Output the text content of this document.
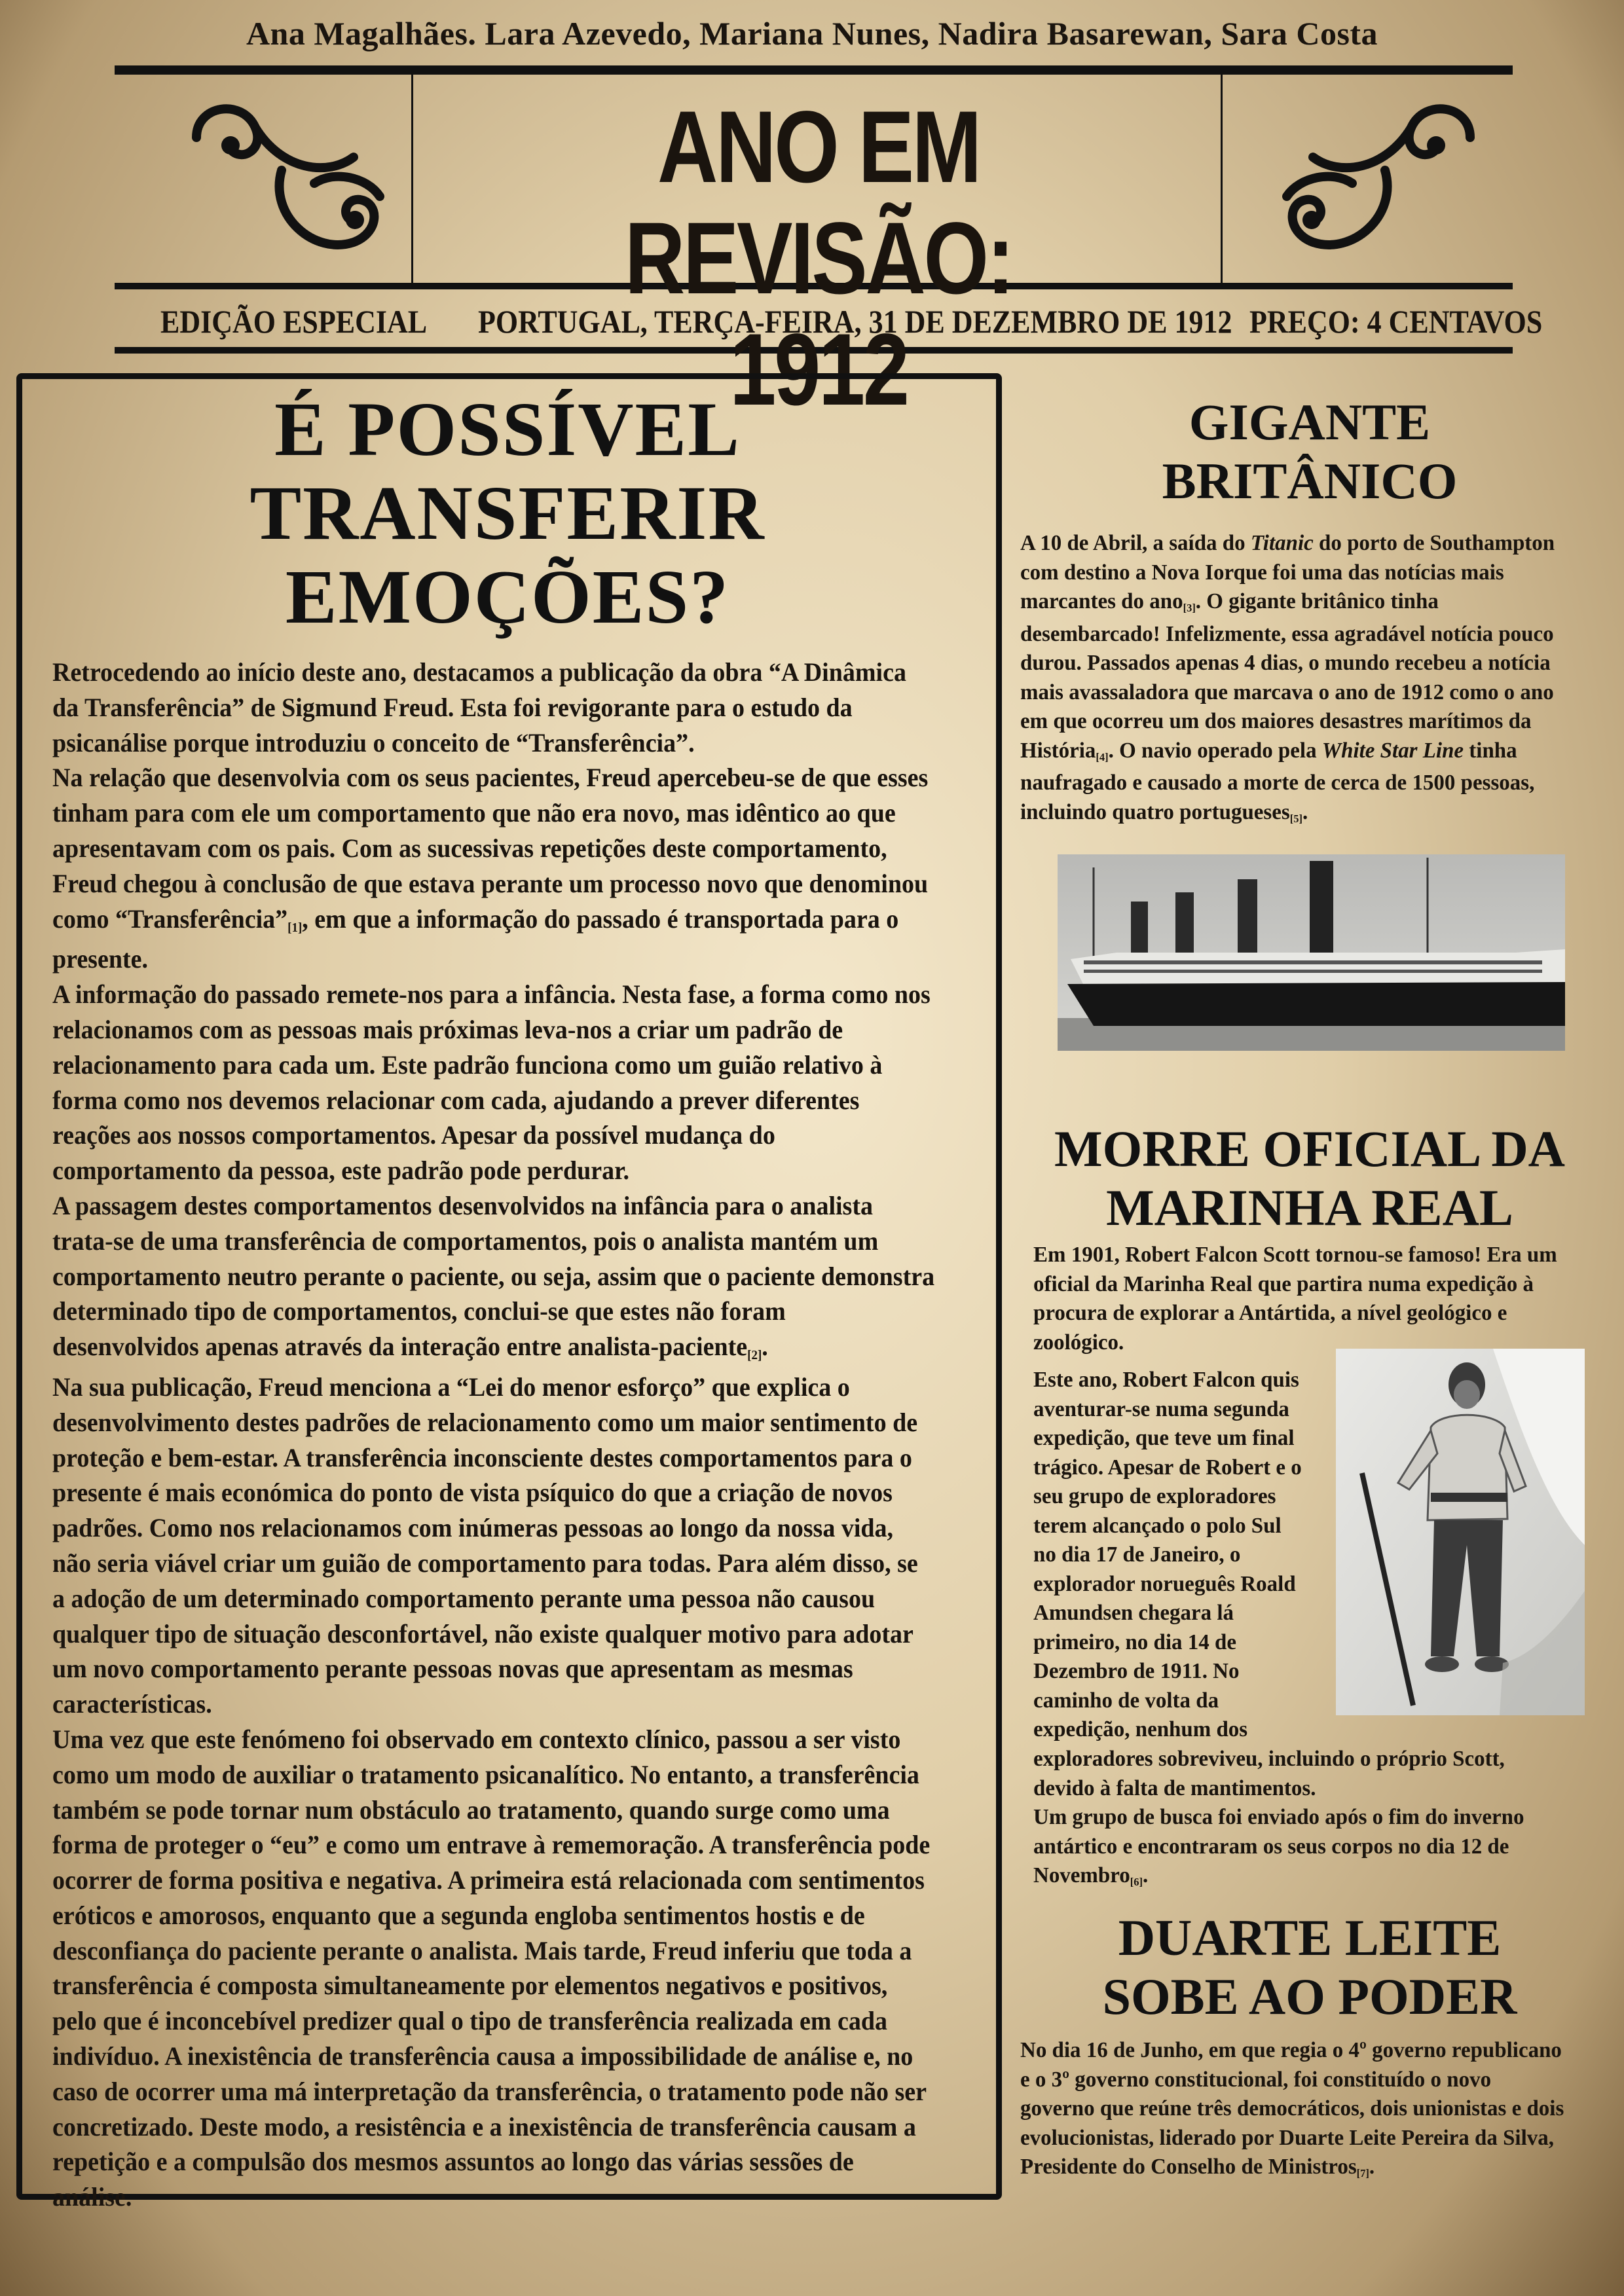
Ana Magalhães. Lara Azevedo, Mariana Nunes, Nadira Basarewan, Sara Costa
ANO EM REVISÃO:
1912
EDIÇÃO ESPECIAL PORTUGAL, TERÇA-FEIRA, 31 DE DEZEMBRO DE 1912 PREÇO: 4 CENTAVOS
É POSSÍVEL
TRANSFERIR
EMOÇÕES?

Retrocedendo ao início deste ano, destacamos a publicação da obra “A Dinâmica da Transferência” de Sigmund Freud. Esta foi revigorante para o estudo da psicanálise porque introduziu o conceito de “Transferência”.

Na relação que desenvolvia com os seus pacientes, Freud apercebeu-se de que esses tinham para com ele um comportamento que não era novo, mas idêntico ao que apresentavam com os pais. Com as sucessivas repetições deste comportamento, Freud chegou à conclusão de que estava perante um processo novo que denominou como “$Transferência”_{[1]}$, em que a informação do passado é transportada para o presente.

A informação do passado remete-nos para a infância. Nesta fase, a forma como nos relacionamos com as pessoas mais próximas leva-nos a criar um padrão de relacionamento para cada um. Este padrão funciona como um guião relativo à forma como nos devemos relacionar com cada, ajudando a prever diferentes reações aos nossos comportamentos. Apesar da possível mudança do comportamento da pessoa, este padrão pode perdurar.

A passagem destes comportamentos desenvolvidos na infância para o analista trata-se de uma transferência de comportamentos, pois o analista mantém um comportamento neutro perante o paciente, ou seja, assim que o paciente demonstra determinado tipo de comportamentos, conclui-se que estes não foram desenvolvidos apenas através da interação entre analista-paciente$_{[2]}$.

Na sua publicação, Freud menciona a “Lei do menor esforço” que explica o desenvolvimento destes padrões de relacionamento como um maior sentimento de proteção e bem-estar. A transferência inconsciente destes comportamentos para o presente é mais económica do ponto de vista psíquico do que a criação de novos padrões. Como nos relacionamos com inúmeras pessoas ao longo da nossa vida, não seria viável criar um guião de comportamento para todas. Para além disso, se a adoção de um determinado comportamento perante uma pessoa não causou qualquer tipo de situação desconfortável, não existe qualquer motivo para adotar um novo comportamento perante pessoas novas que apresentam as mesmas características.

Uma vez que este fenómeno foi observado em contexto clínico, passou a ser visto como um modo de auxiliar o tratamento psicanalítico. No entanto, a transferência também se pode tornar num obstáculo ao tratamento, quando surge como uma forma de proteger o “eu” e como um entrave à rememoração. A transferência pode ocorrer de forma positiva e negativa. A primeira está relacionada com sentimentos eróticos e amorosos, enquanto que a segunda engloba sentimentos hostis e de desconfiança do paciente perante o analista. Mais tarde, Freud inferiu que toda a transferência é composta simultaneamente por elementos negativos e positivos, pelo que é inconcebível predizer qual o tipo de transferência realizada em cada indivíduo. A inexistência de transferência causa a impossibilidade de análise e, no caso de ocorrer uma má interpretação da transferência, o tratamento pode não ser concretizado. Deste modo, a resistência e a inexistência de transferência causam a repetição e a compulsão dos mesmos assuntos ao longo das várias sessões de análise.

GIGANTE
BRITÂNICO

A 10 de Abril, a saída do Titanic do porto de Southampton com destino a Nova Iorque foi uma das notícias mais marcantes do ano$_{[3]}$. O gigante britânico tinha desembarcado! Infelizmente, essa agradável notícia pouco durou. Passados apenas 4 dias, o mundo recebeu a notícia mais avassaladora que marcava o ano de 1912 como o ano em que ocorreu um dos maiores desastres marítimos da História$_{[4]}$. O navio operado pela White Star Line tinha naufragado e causado a morte de cerca de 1500 pessoas, incluindo quatro portugueses$_{[5]}$.

MORRE OFICIAL DA
MARINHA REAL

Em 1901, Robert Falcon Scott tornou-se famoso! Era um oficial da Marinha Real que partira numa expedição à procura de explorar a Antártida, a nível geológico e zoológico.

Este ano, Robert Falcon quis
aventurar-se numa segunda
expedição, que teve um final
trágico. Apesar de Robert e o
seu grupo de exploradores
terem alcançado o polo Sul
no dia 17 de Janeiro, o
explorador norueguês Roald
Amundsen chegara lá
primeiro, no dia 14 de
Dezembro de 1911. No
caminho de volta da
expedição, nenhum dos

exploradores sobreviveu, incluindo o próprio Scott, devido à falta de mantimentos.

Um grupo de busca foi enviado após o fim do inverno antártico e encontraram os seus corpos no dia 12 de Novembro$_{[6]}$.

DUARTE LEITE
SOBE AO PODER

No dia 16 de Junho, em que regia o 4º governo republicano e o 3º governo constitucional, foi constituído o novo governo que reúne três democráticos, dois unionistas e dois evolucionistas, liderado por Duarte Leite Pereira da Silva, Presidente do Conselho de Ministros$_{[7]}$.
